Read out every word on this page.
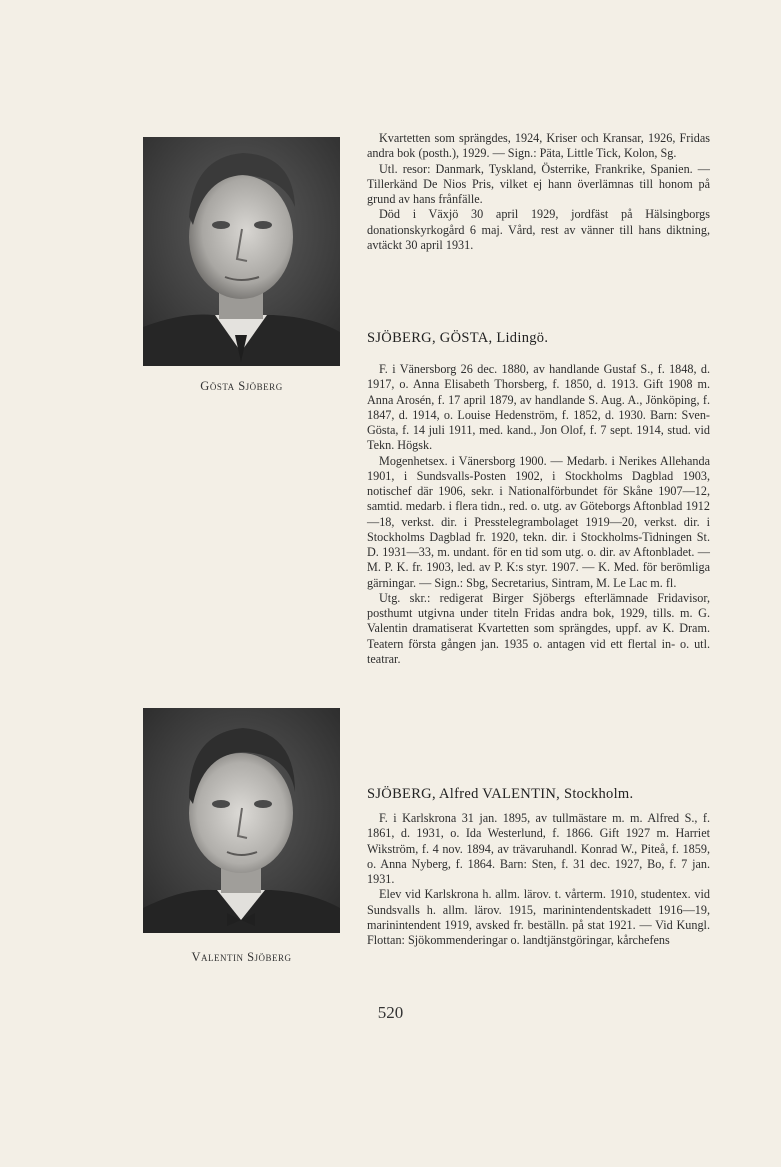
Gösta Sjöberg

Kvartetten som sprängdes, 1924, Kriser och Kransar, 1926, Fridas andra bok (posth.), 1929. — Sign.: Päta, Little Tick, Kolon, Sg.

Utl. resor: Danmark, Tyskland, Österrike, Frankrike, Spanien. — Tillerkänd De Nios Pris, vilket ej hann överlämnas till honom på grund av hans frånfälle.

Död i Växjö 30 april 1929, jordfäst på Hälsingborgs donationskyrkogård 6 maj. Vård, rest av vänner till hans diktning, avtäckt 30 april 1931.

SJÖBERG, GÖSTA, Lidingö.

F. i Vänersborg 26 dec. 1880, av handlande Gustaf S., f. 1848, d. 1917, o. Anna Elisabeth Thorsberg, f. 1850, d. 1913. Gift 1908 m. Anna Arosén, f. 17 april 1879, av handlande S. Aug. A., Jönköping, f. 1847, d. 1914, o. Louise Hedenström, f. 1852, d. 1930. Barn: Sven-Gösta, f. 14 juli 1911, med. kand., Jon Olof, f. 7 sept. 1914, stud. vid Tekn. Högsk.

Mogenhetsex. i Vänersborg 1900. — Medarb. i Nerikes Allehanda 1901, i Sundsvalls-Posten 1902, i Stockholms Dagblad 1903, notischef där 1906, sekr. i Nationalförbundet för Skåne 1907—12, samtid. medarb. i flera tidn., red. o. utg. av Göteborgs Aftonblad 1912—18, verkst. dir. i Presstelegrambolaget 1919—20, verkst. dir. i Stockholms Dagblad fr. 1920, tekn. dir. i Stockholms-Tidningen St. D. 1931—33, m. undant. för en tid som utg. o. dir. av Aftonbladet. — M. P. K. fr. 1903, led. av P. K:s styr. 1907. — K. Med. för berömliga gärningar. — Sign.: Sbg, Secretarius, Sintram, M. Le Lac m. fl.

Utg. skr.: redigerat Birger Sjöbergs efterlämnade Fridavisor, posthumt utgivna under titeln Fridas andra bok, 1929, tills. m. G. Valentin dramatiserat Kvartetten som sprängdes, uppf. av K. Dram. Teatern första gången jan. 1935 o. antagen vid ett flertal in- o. utl. teatrar.

Valentin Sjöberg
SJÖBERG, Alfred VALENTIN, Stockholm.

F. i Karlskrona 31 jan. 1895, av tullmästare m. m. Alfred S., f. 1861, d. 1931, o. Ida Westerlund, f. 1866. Gift 1927 m. Harriet Wikström, f. 4 nov. 1894, av trävaruhandl. Konrad W., Piteå, f. 1859, o. Anna Nyberg, f. 1864. Barn: Sten, f. 31 dec. 1927, Bo, f. 7 jan. 1931.

Elev vid Karlskrona h. allm. lärov. t. vårterm. 1910, studentex. vid Sundsvalls h. allm. lärov. 1915, marinintendentskadett 1916—19, marinintendent 1919, avsked fr. beställn. på stat 1921. — Vid Kungl. Flottan: Sjökommenderingar o. landtjänstgöringar, kårchefens

520
